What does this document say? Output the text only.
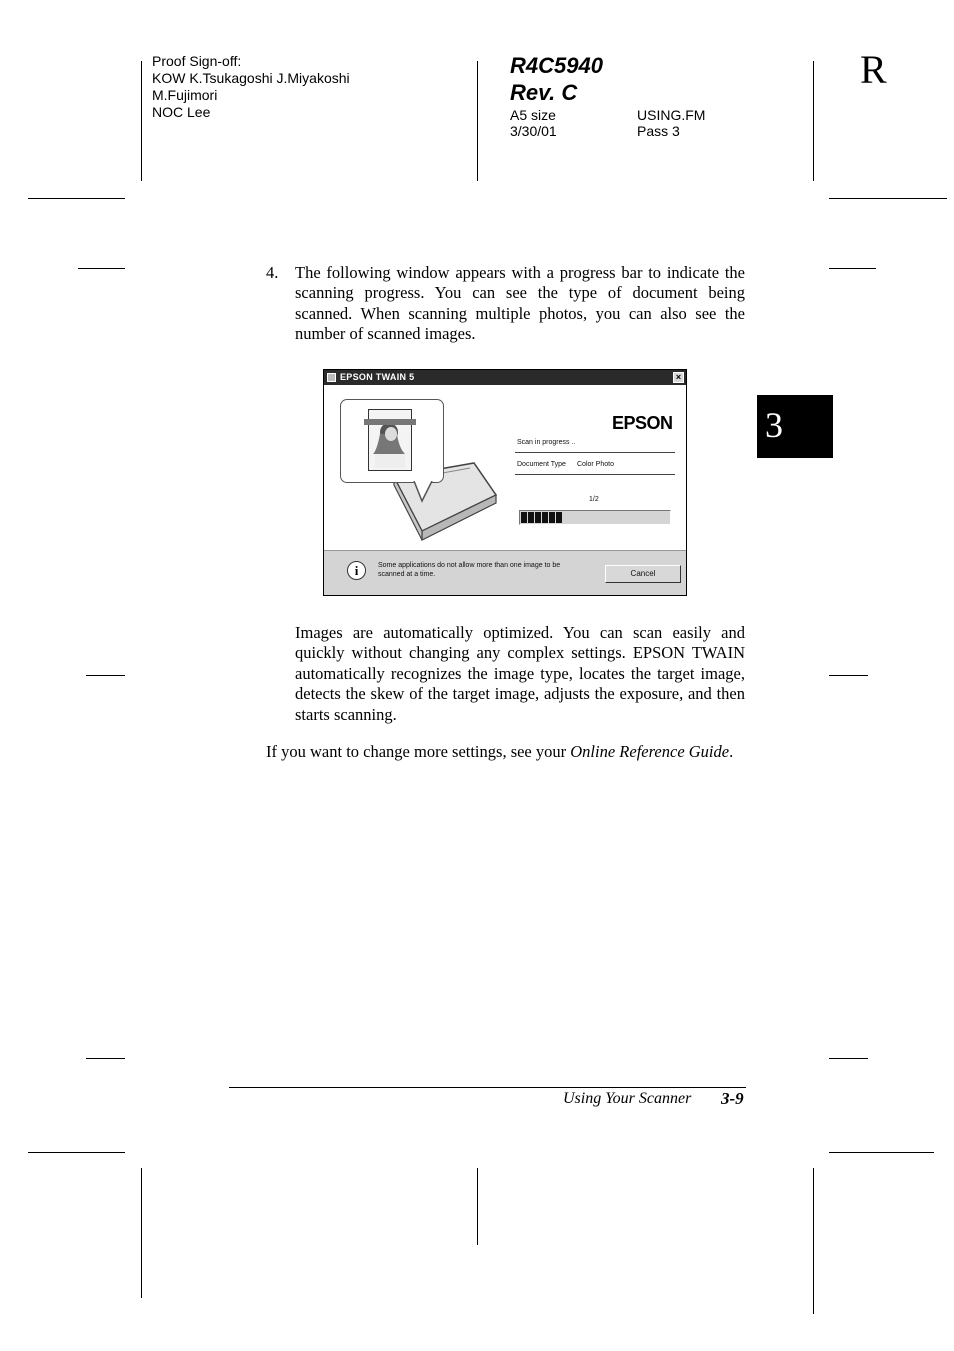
Proof Sign-off:
KOW K.Tsukagoshi J.Miyakoshi
M.Fujimori
NOC Lee
R4C5940
Rev. C
A5 size	USING.FM
3/30/01	Pass 3
R
3
4. The following window appears with a progress bar to indicate the scanning progress. You can see the type of document being scanned. When scanning multiple photos, you can also see the number of scanned images.
EPSON TWAIN 5	×
EPSON
Scan in progress ..
Document Type Color Photo
1/2
i	Some applications do not allow more than one image to be
scanned at a time.	Cancel
Images are automatically optimized. You can scan easily and quickly without changing any complex settings. EPSON TWAIN automatically recognizes the image type, locates the target image, detects the skew of the target image, adjusts the exposure, and then starts scanning.
If you want to change more settings, see your Online Reference Guide.
Using Your Scanner 3-9
